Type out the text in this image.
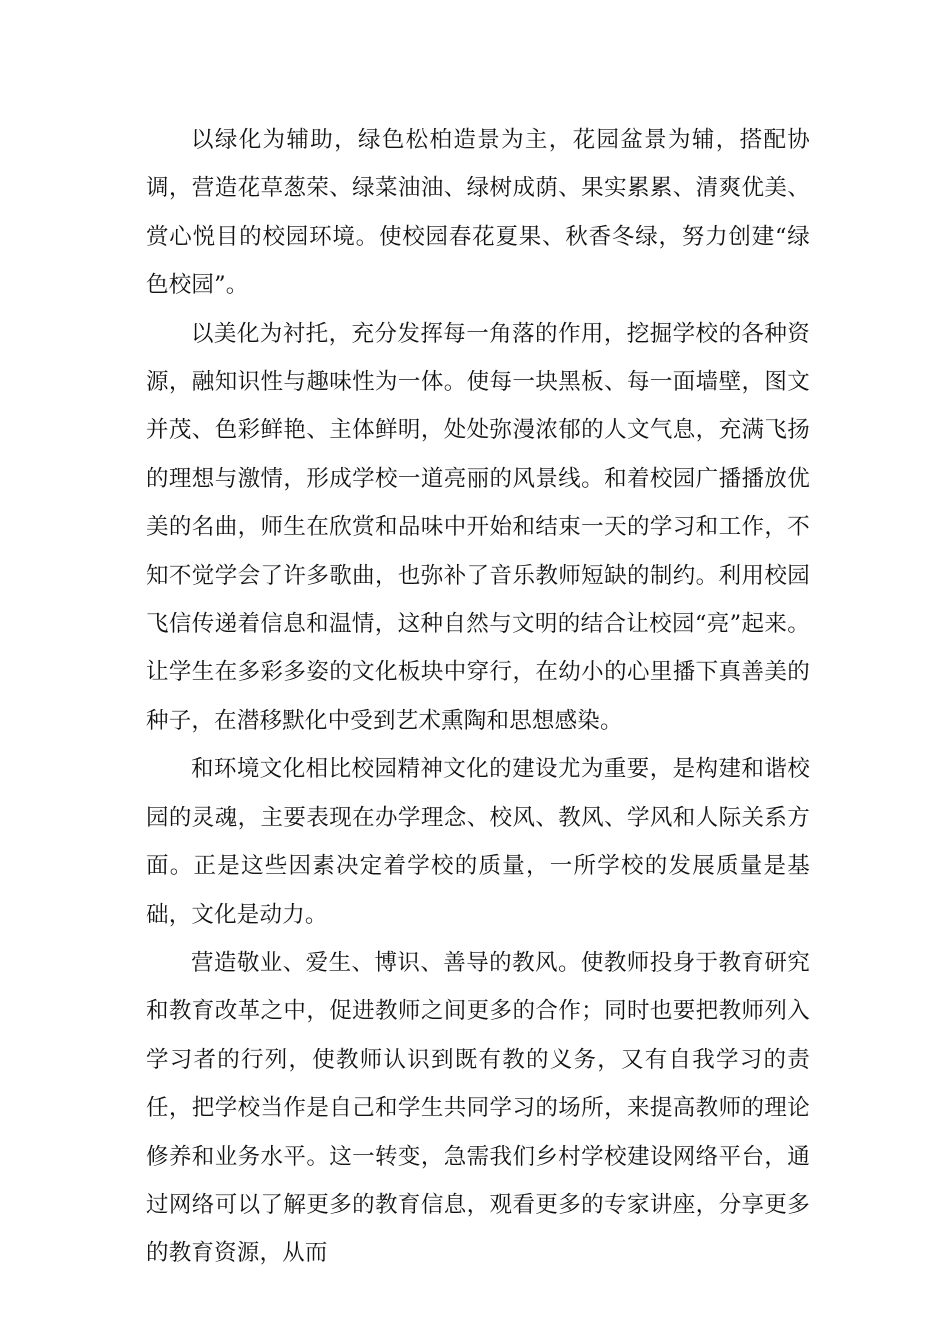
以绿化为辅助，绿色松柏造景为主，花园盆景为辅，搭配协调，营造花草葱荣、绿菜油油、绿树成荫、果实累累、清爽优美、赏心悦目的校园环境。使校园春花夏果、秋香冬绿，努力创建“绿色校园”。

以美化为衬托，充分发挥每一角落的作用，挖掘学校的各种资源，融知识性与趣味性为一体。使每一块黑板、每一面墙壁，图文并茂、色彩鲜艳、主体鲜明，处处弥漫浓郁的人文气息，充满飞扬的理想与激情，形成学校一道亮丽的风景线。和着校园广播播放优美的名曲，师生在欣赏和品味中开始和结束一天的学习和工作，不知不觉学会了许多歌曲，也弥补了音乐教师短缺的制约。利用校园飞信传递着信息和温情，这种自然与文明的结合让校园“亮”起来。让学生在多彩多姿的文化板块中穿行，在幼小的心里播下真善美的种子，在潜移默化中受到艺术熏陶和思想感染。

和环境文化相比校园精神文化的建设尤为重要，是构建和谐校园的灵魂，主要表现在办学理念、校风、教风、学风和人际关系方面。正是这些因素决定着学校的质量，一所学校的发展质量是基础，文化是动力。

营造敬业、爱生、博识、善导的教风。使教师投身于教育研究和教育改革之中，促进教师之间更多的合作；同时也要把教师列入学习者的行列，使教师认识到既有教的义务，又有自我学习的责任，把学校当作是自己和学生共同学习的场所，来提高教师的理论修养和业务水平。这一转变，急需我们乡村学校建设网络平台，通过网络可以了解更多的教育信息，观看更多的专家讲座，分享更多的教育资源，从而
